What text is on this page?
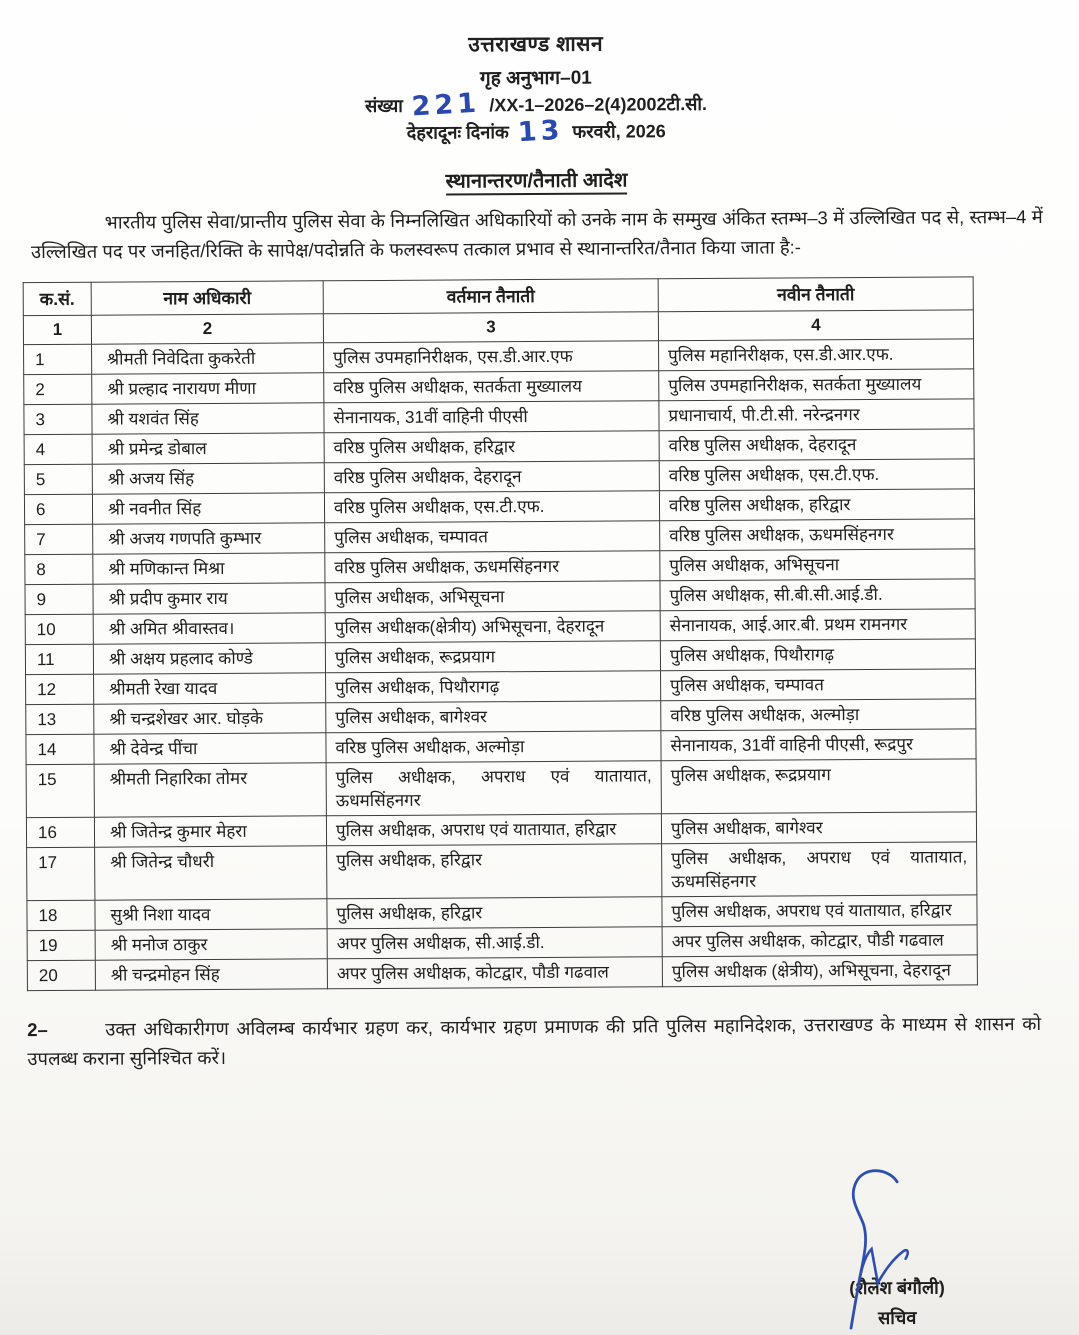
उत्तराखण्ड शासन
गृह अनुभाग–01
संख्या 221 /XX-1–2026–2(4)2002टी.सी.
देहरादूनः दिनांक 13 फरवरी, 2026
स्थानान्तरण/तैनाती आदेश

भारतीय पुलिस सेवा/प्रान्तीय पुलिस सेवा के निम्नलिखित अधिकारियों को उनके नाम के सम्मुख अंकित स्तम्भ–3 में उल्लिखित पद से, स्तम्भ–4 में उल्लिखित पद पर जनहित/रिक्ति के सापेक्ष/पदोन्नति के फलस्वरूप तत्काल प्रभाव से स्थानान्तरित/तैनात किया जाता है:-

क.सं.	नाम अधिकारी	वर्तमान तैनाती	नवीन तैनाती
1	2	3	4
1	श्रीमती निवेदिता कुकरेती	पुलिस उपमहानिरीक्षक, एस.डी.आर.एफ	पुलिस महानिरीक्षक, एस.डी.आर.एफ.
2	श्री प्रल्हाद नारायण मीणा	वरिष्ठ पुलिस अधीक्षक, सतर्कता मुख्यालय	पुलिस उपमहानिरीक्षक, सतर्कता मुख्यालय
3	श्री यशवंत सिंह	सेनानायक, 31वीं वाहिनी पीएसी	प्रधानाचार्य, पी.टी.सी. नरेन्द्रनगर
4	श्री प्रमेन्द्र डोबाल	वरिष्ठ पुलिस अधीक्षक, हरिद्वार	वरिष्ठ पुलिस अधीक्षक, देहरादून
5	श्री अजय सिंह	वरिष्ठ पुलिस अधीक्षक, देहरादून	वरिष्ठ पुलिस अधीक्षक, एस.टी.एफ.
6	श्री नवनीत सिंह	वरिष्ठ पुलिस अधीक्षक, एस.टी.एफ.	वरिष्ठ पुलिस अधीक्षक, हरिद्वार
7	श्री अजय गणपति कुम्भार	पुलिस अधीक्षक, चम्पावत	वरिष्ठ पुलिस अधीक्षक, ऊधमसिंहनगर
8	श्री मणिकान्त मिश्रा	वरिष्ठ पुलिस अधीक्षक, ऊधमसिंहनगर	पुलिस अधीक्षक, अभिसूचना
9	श्री प्रदीप कुमार राय	पुलिस अधीक्षक, अभिसूचना	पुलिस अधीक्षक, सी.बी.सी.आई.डी.
10	श्री अमित श्रीवास्तव।	पुलिस अधीक्षक(क्षेत्रीय) अभिसूचना, देहरादून	सेनानायक, आई.आर.बी. प्रथम रामनगर
11	श्री अक्षय प्रहलाद कोण्डे	पुलिस अधीक्षक, रूद्रप्रयाग	पुलिस अधीक्षक, पिथौरागढ़
12	श्रीमती रेखा यादव	पुलिस अधीक्षक, पिथौरागढ़	पुलिस अधीक्षक, चम्पावत
13	श्री चन्द्रशेखर आर. घोड़के	पुलिस अधीक्षक, बागेश्वर	वरिष्ठ पुलिस अधीक्षक, अल्मोड़ा
14	श्री देवेन्द्र पींचा	वरिष्ठ पुलिस अधीक्षक, अल्मोड़ा	सेनानायक, 31वीं वाहिनी पीएसी, रूद्रपुर
15	श्रीमती निहारिका तोमर	पुलिस अधीक्षक, अपराध एवं यातायात, ऊधमसिंहनगर	पुलिस अधीक्षक, रूद्रप्रयाग
16	श्री जितेन्द्र कुमार मेहरा	पुलिस अधीक्षक, अपराध एवं यातायात, हरिद्वार	पुलिस अधीक्षक, बागेश्वर
17	श्री जितेन्द्र चौधरी	पुलिस अधीक्षक, हरिद्वार	पुलिस अधीक्षक, अपराध एवं यातायात, ऊधमसिंहनगर
18	सुश्री निशा यादव	पुलिस अधीक्षक, हरिद्वार	पुलिस अधीक्षक, अपराध एवं यातायात, हरिद्वार
19	श्री मनोज ठाकुर	अपर पुलिस अधीक्षक, सी.आई.डी.	अपर पुलिस अधीक्षक, कोटद्वार, पौडी गढवाल
20	श्री चन्द्रमोहन सिंह	अपर पुलिस अधीक्षक, कोटद्वार, पौडी गढवाल	पुलिस अधीक्षक (क्षेत्रीय), अभिसूचना, देहरादून

2–	उक्त अधिकारीगण अविलम्ब कार्यभार ग्रहण कर, कार्यभार ग्रहण प्रमाणक की प्रति पुलिस महानिदेशक, उत्तराखण्ड के माध्यम से शासन को उपलब्ध कराना सुनिश्चित करें।

(शैलेश बंगौली)
सचिव
